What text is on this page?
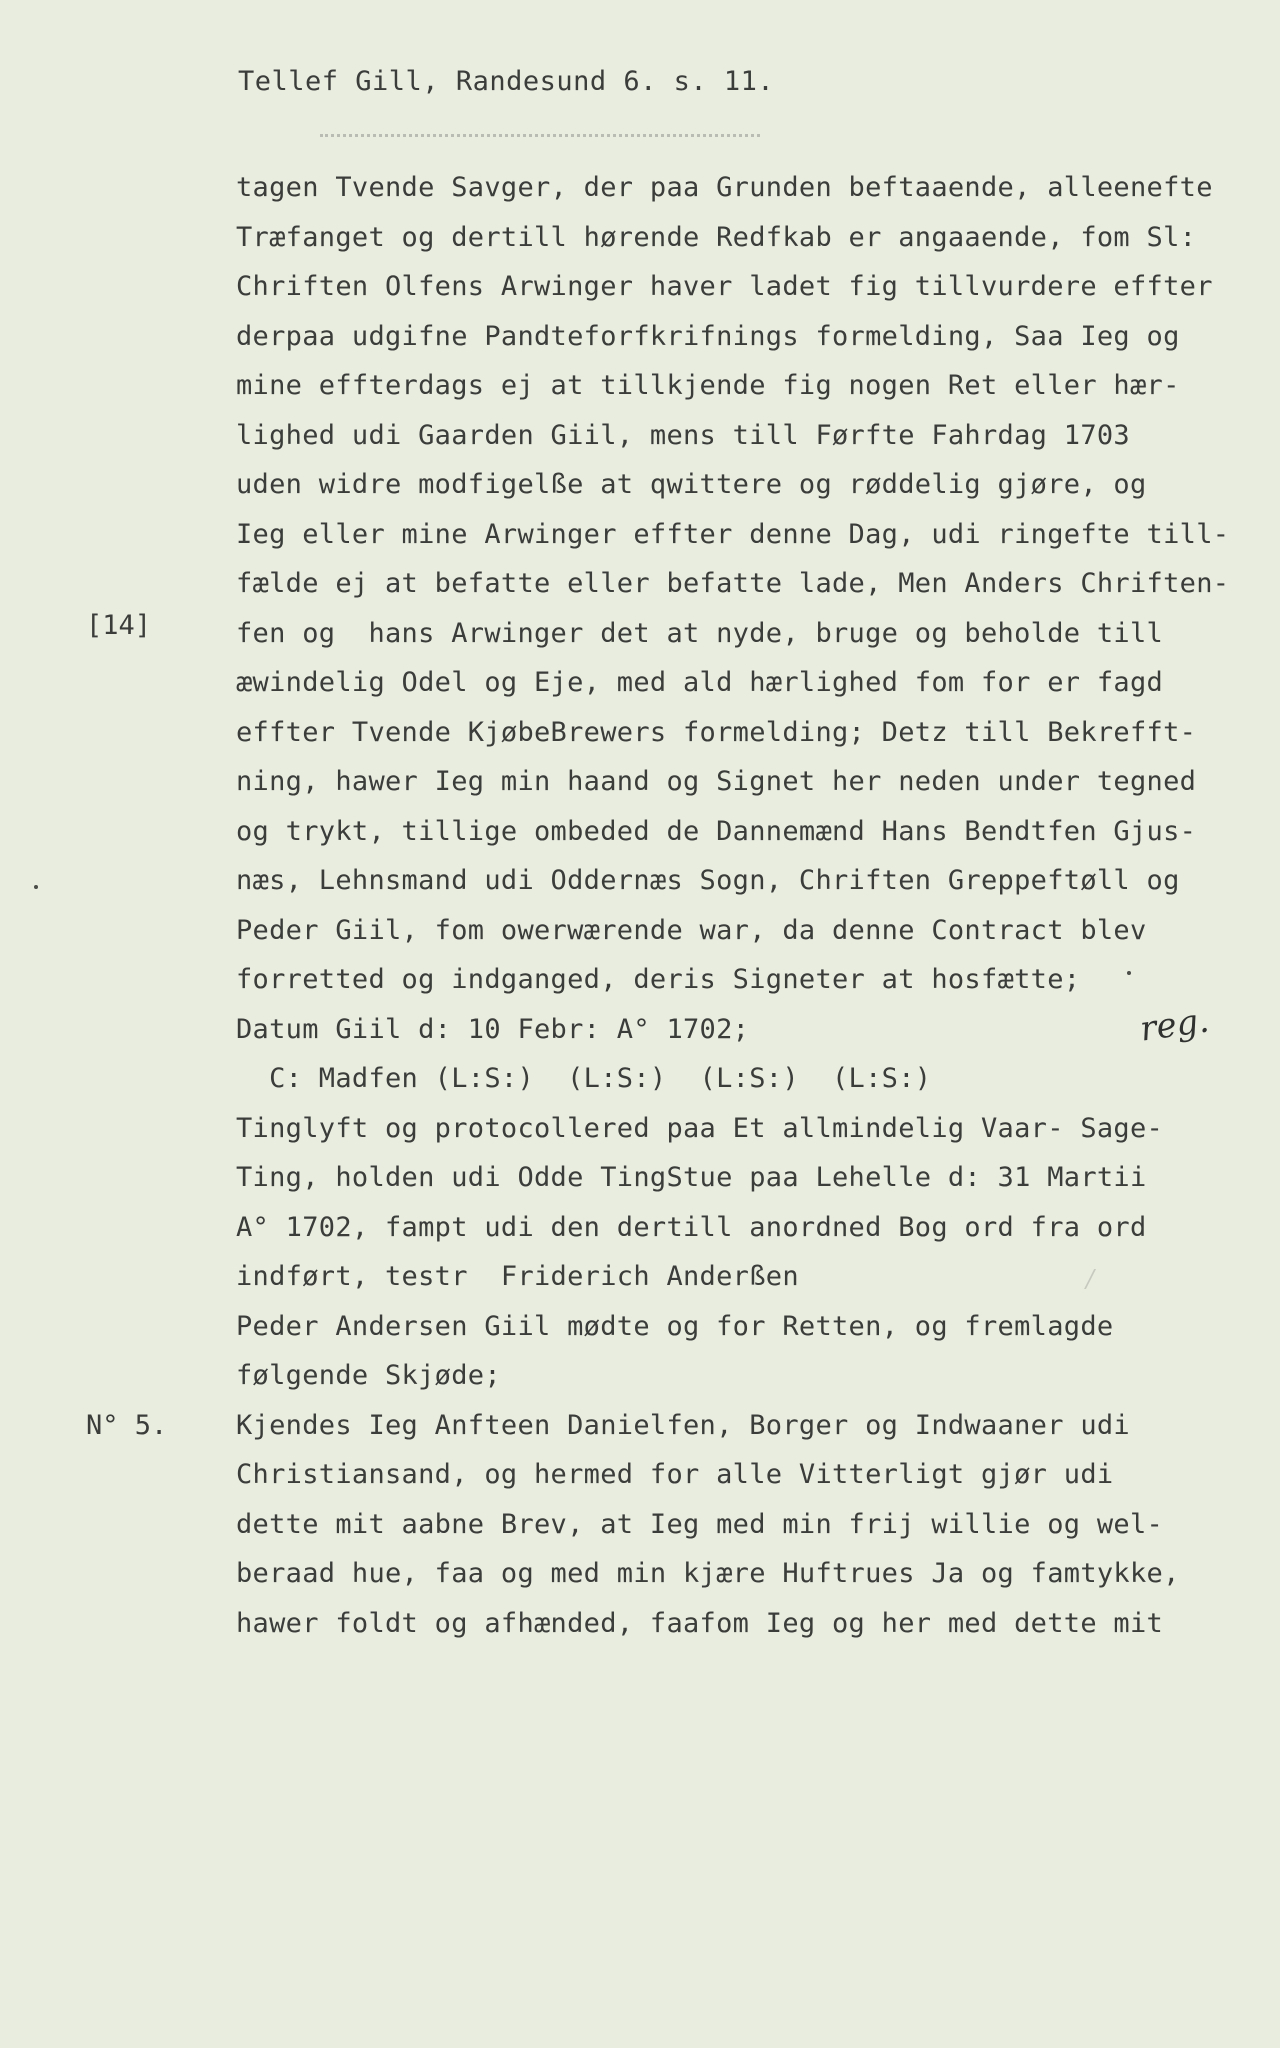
Tellef Gill, Randesund 6. s. 11.
tagen Tvende Savger, der paa Grunden beftaaende, alleenefte
Træfanget og dertill hørende Redfkab er angaaende, fom Sl:
Chriften Olfens Arwinger haver ladet fig tillvurdere effter
derpaa udgifne Pandteforfkrifnings formelding, Saa Ieg og
mine effterdags ej at tillkjende fig nogen Ret eller hær-
lighed udi Gaarden Giil, mens till Førfte Fahrdag 1703
uden widre modfigelße at qwittere og røddelig gjøre, og
Ieg eller mine Arwinger effter denne Dag, udi ringefte till-
fælde ej at befatte eller befatte lade, Men Anders Chriften-
fen og  hans Arwinger det at nyde, bruge og beholde till
æwindelig Odel og Eje, med ald hærlighed fom for er fagd
effter Tvende KjøbeBrewers formelding; Detz till Bekrefft-
ning, hawer Ieg min haand og Signet her neden under tegned
og trykt, tillige ombeded de Dannemænd Hans Bendtfen Gjus-
næs, Lehnsmand udi Oddernæs Sogn, Chriften Greppeftøll og
Peder Giil, fom owerwærende war, da denne Contract blev
forretted og indganged, deris Signeter at hosfætte;
Datum Giil d: 10 Febr: A° 1702;
C: Madfen (L:S:)  (L:S:)  (L:S:)  (L:S:)
Tinglyft og protocollered paa Et allmindelig Vaar- Sage-
Ting, holden udi Odde TingStue paa Lehelle d: 31 Martii
A° 1702, fampt udi den dertill anordned Bog ord fra ord
indført, testr  Friderich Anderßen
Peder Andersen Giil mødte og for Retten, og fremlagde
følgende Skjøde;
Kjendes Ieg Anfteen Danielfen, Borger og Indwaaner udi
Christiansand, og hermed for alle Vitterligt gjør udi
dette mit aabne Brev, at Ieg med min frij willie og wel-
beraad hue, faa og med min kjære Huftrues Ja og famtykke,
hawer foldt og afhænded, faafom Ieg og her med dette mit
[14]
N° 5.
reg.
/
